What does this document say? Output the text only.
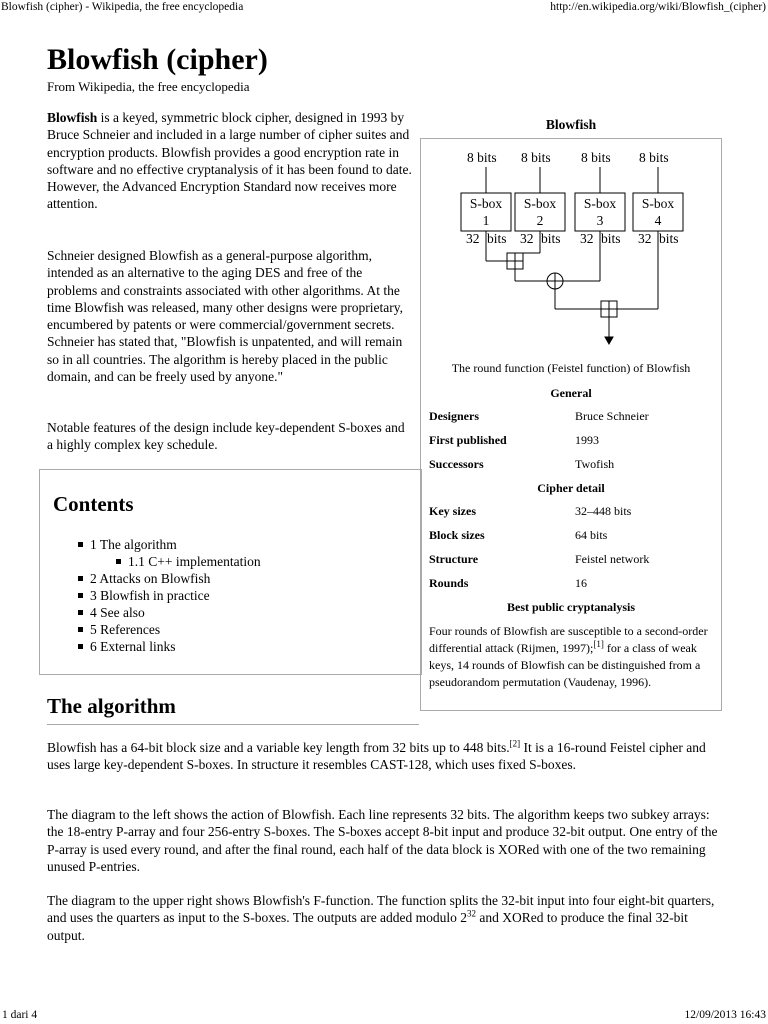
Blowfish (cipher) - Wikipedia, the free encyclopedia	http://en.wikipedia.org/wiki/Blowfish_(cipher)
Blowfish (cipher)
From Wikipedia, the free encyclopedia

Blowfish is a keyed, symmetric block cipher, designed in 1993 by Bruce Schneier and included in a large number of cipher suites and encryption products. Blowfish provides a good encryption rate in software and no effective cryptanalysis of it has been found to date. However, the Advanced Encryption Standard now receives more attention.

Schneier designed Blowfish as a general-purpose algorithm, intended as an alternative to the aging DES and free of the problems and constraints associated with other algorithms. At the time Blowfish was released, many other designs were proprietary, encumbered by patents or were commercial/government secrets. Schneier has stated that, "Blowfish is unpatented, and will remain so in all countries. The algorithm is hereby placed in the public domain, and can be freely used by anyone."

Notable features of the design include key-dependent S-boxes and a highly complex key schedule.

Contents
1 The algorithm
1.1 C++ implementation
2 Attacks on Blowfish
3 Blowfish in practice
4 See also
5 References
6 External links
The algorithm

Blowfish has a 64-bit block size and a variable key length from 32 bits up to 448 bits.[2] It is a 16-round Feistel cipher and uses large key-dependent S-boxes. In structure it resembles CAST-128, which uses fixed S-boxes.

The diagram to the left shows the action of Blowfish. Each line represents 32 bits. The algorithm keeps two subkey arrays: the 18-entry P-array and four 256-entry S-boxes. The S-boxes accept 8-bit input and produce 32-bit output. One entry of the P-array is used every round, and after the final round, each half of the data block is XORed with one of the two remaining unused P-entries.

The diagram to the upper right shows Blowfish's F-function. The function splits the 32-bit input into four eight-bit quarters, and uses the quarters as input to the S-boxes. The outputs are added modulo $2^{32}$ and XORed to produce the final 32-bit output.

Blowfish
8 bits 8 bits 8 bits 8 bits
S-box
1
S-box
2
S-box
3
S-box
4
32 bits 32 bits 32 bits 32 bits
The round function (Feistel function) of Blowfish
General
Designers	Bruce Schneier
First published	1993
Successors	Twofish
Cipher detail
Key sizes	32–448 bits
Block sizes	64 bits
Structure	Feistel network
Rounds	16
Best public cryptanalysis
Four rounds of Blowfish are susceptible to a second-order differential attack (Rijmen, 1997);[1] for a class of weak keys, 14 rounds of Blowfish can be distinguished from a pseudorandom permutation (Vaudenay, 1996).
1 dari 4	12/09/2013 16:43
